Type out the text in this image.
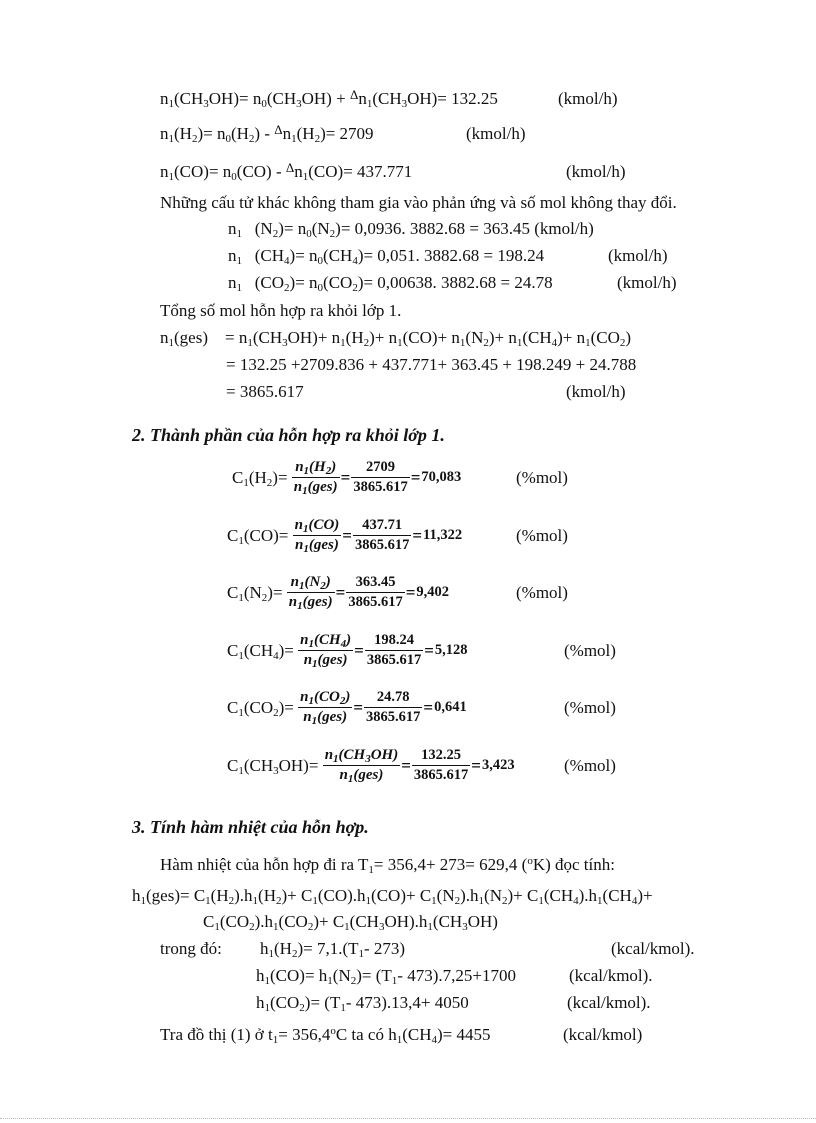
$n_1(CH_3OH)= n_0(CH_3OH) + ^\Delta n_1(CH_3OH)= 132.25$	(kmol/h)
$n_1(H_2)= n_0(H_2) - ^\Delta n_1(H_2)= 2709$	(kmol/h)
$n_1(CO)= n_0(CO) - ^\Delta n_1(CO)= 437.771$	(kmol/h)
Những cấu tử khác không tham gia vào phản ứng và số mol không thay đổi.
$n_1$ $(N_2)= n_0(N_2)= 0,0936$. 3882.68 = 363.45 (kmol/h)
$n_1$ $(CH_4)= n_0(CH_4)= 0,051$. 3882.68 = 198.24	(kmol/h)
$n_1$ $(CO_2)= n_0(CO_2)= 0,00638$. 3882.68 = 24.78	(kmol/h)
Tổng số mol hỗn hợp ra khỏi lớp 1.
$n_1(ges) = n_1(CH_3OH)+ n_1(H_2)+ n_1(CO)+ n_1(N_2)+ n_1(CH_4)+ n_1(CO_2)$
= 132.25 +2709.836 + 437.771+ 363.45 + 198.249 + 24.788
= 3865.617	(kmol/h)
2. Thành phần của hỗn hợp ra khỏi lớp 1.
$C_1(H_2)= \frac{n_1(H_2)}{n_1(ges)} = \frac{2709}{3865.617} =70,083$	(%mol)
$C_1(CO)= \frac{n_1(CO)}{n_1(ges)} = \frac{437.71}{3865.617} =11,322$	(%mol)
$C_1(N_2)= \frac{n_1(N_2)}{n_1(ges)} = \frac{363.45}{3865.617} =9,402$	(%mol)
$C_1(CH_4)= \frac{n_1(CH_4)}{n_1(ges)} = \frac{198.24}{3865.617} =5,128$	(%mol)
$C_1(CO_2)= \frac{n_1(CO_2)}{n_1(ges)} = \frac{24.78}{3865.617} =0,641$	(%mol)
$C_1(CH_3OH)= \frac{n_1(CH_3OH)}{n_1(ges)} = \frac{132.25}{3865.617} =3,423$	(%mol)
3. Tính hàm nhiệt của hỗn hợp.
Hàm nhiệt của hỗn hợp đi ra $T_1= 356,4+ 273= 629,4$ ($^o$K) đọc tính:
$h_1(ges)= C_1(H_2).h_1(H_2)+ C_1(CO).h_1(CO)+ C_1(N_2).h_1(N_2)+ C_1(CH_4).h_1(CH_4)+$
$C_1(CO_2).h_1(CO_2)+ C_1(CH_3OH).h_1(CH_3OH)$
trong đó: $h_1(H_2)= 7,1.(T_1-$ 273)	(kcal/kmol).
$h_1(CO)= h_1(N_2)= (T_1-$ 473).7,25+1700	(kcal/kmol).
$h_1(CO_2)= (T_1-$ 473).13,4+ 4050	(kcal/kmol).
Tra đồ thị (1) ở $t_1= 356,4^oC$ ta có $h_1(CH_4)= 4455$	(kcal/kmol)
